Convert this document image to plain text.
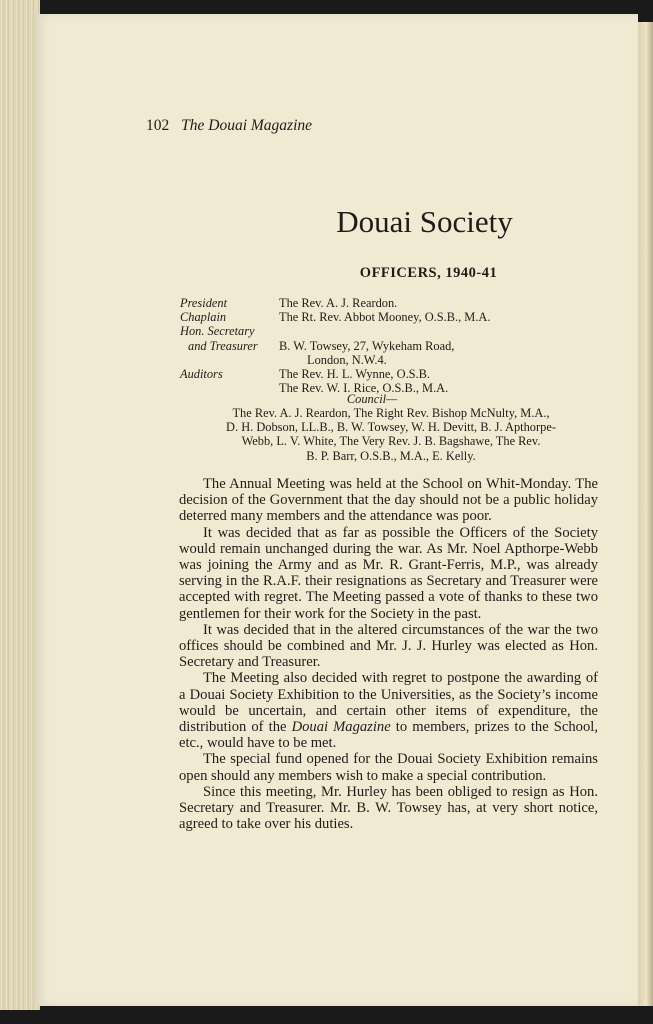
102 The Douai Magazine
Douai Society
OFFICERS, 1940-41
President	The Rev. A. J. Reardon.
Chaplain	The Rt. Rev. Abbot Mooney, O.S.B., M.A.
Hon. Secretary
and Treasurer	B. W. Towsey, 27, Wykeham Road,
London, N.W.4.
Auditors	The Rev. H. L. Wynne, O.S.B.
The Rev. W. I. Rice, O.S.B., M.A.
Council—
The Rev. A. J. Reardon, The Right Rev. Bishop McNulty, M.A.,
D. H. Dobson, LL.B., B. W. Towsey, W. H. Devitt, B. J. Apthorpe-
Webb, L. V. White, The Very Rev. J. B. Bagshawe, The Rev.
B. P. Barr, O.S.B., M.A., E. Kelly.

The Annual Meeting was held at the School on Whit-Monday. The decision of the Government that the day should not be a public holiday deterred many members and the attendance was poor.

It was decided that as far as possible the Officers of the Society would remain unchanged during the war. As Mr. Noel Apthorpe-Webb was joining the Army and as Mr. R. Grant-Ferris, M.P., was already serving in the R.A.F. their resignations as Secretary and Treasurer were accepted with regret. The Meeting passed a vote of thanks to these two gentlemen for their work for the Society in the past.

It was decided that in the altered circumstances of the war the two offices should be combined and Mr. J. J. Hurley was elected as Hon. Secretary and Treasurer.

The Meeting also decided with regret to postpone the awarding of a Douai Society Exhibition to the Universities, as the Society’s income would be uncertain, and certain other items of expenditure, the distribution of the Douai Magazine to members, prizes to the School, etc., would have to be met.

The special fund opened for the Douai Society Exhibition remains open should any members wish to make a special contribution.

Since this meeting, Mr. Hurley has been obliged to resign as Hon. Secretary and Treasurer. Mr. B. W. Towsey has, at very short notice, agreed to take over his duties.
